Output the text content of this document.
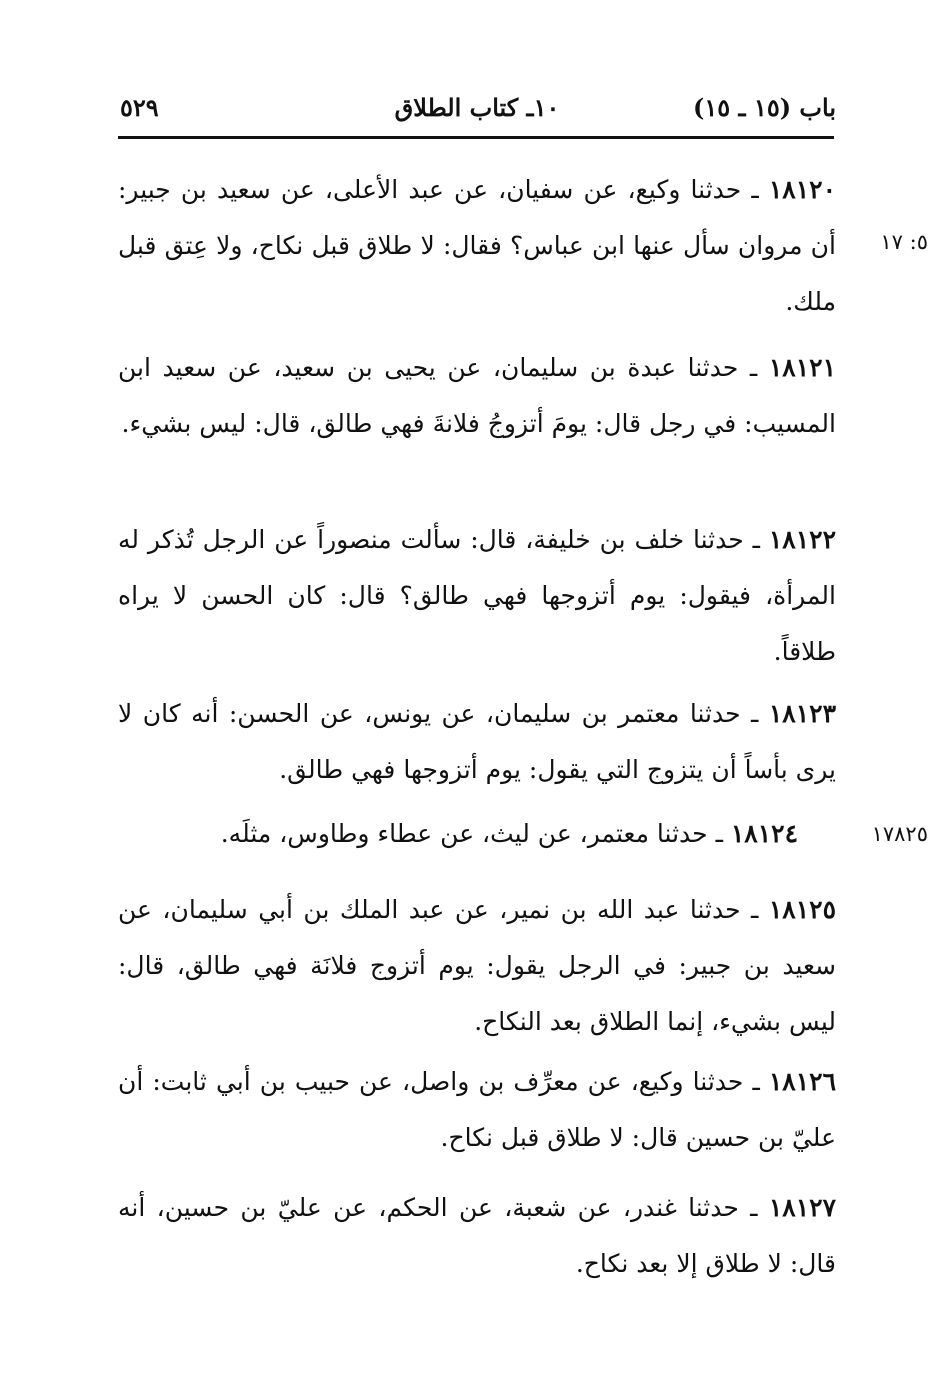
باب (١٥ ـ ١٥)
١٠ـ كتاب الطلاق
٥٢٩
١٨١٢٠ ـ حدثنا وكيع، عن سفيان، عن عبد الأعلى، عن سعيد بن جبير: أن مروان سأل عنها ابن عباس؟ فقال: لا طلاق قبل نكاح، ولا عِتق قبل ملك.
٥: ١٧
١٨١٢١ ـ حدثنا عبدة بن سليمان، عن يحيى بن سعيد، عن سعيد ابن المسيب: في رجل قال: يومَ أتزوجُ فلانةَ فهي طالق، قال: ليس بشيء.
١٨١٢٢ ـ حدثنا خلف بن خليفة، قال: سألت منصوراً عن الرجل تُذكر له المرأة، فيقول: يوم أتزوجها فهي طالق؟ قال: كان الحسن لا يراه طلاقاً.
١٨١٢٣ ـ حدثنا معتمر بن سليمان، عن يونس، عن الحسن: أنه كان لا يرى بأساً أن يتزوج التي يقول: يوم أتزوجها فهي طالق.
١٨١٢٤ ـ حدثنا معتمر، عن ليث، عن عطاء وطاوس، مثلَه.	١٧٨٢٥
١٨١٢٥ ـ حدثنا عبد الله بن نمير، عن عبد الملك بن أبي سليمان، عن سعيد بن جبير: في الرجل يقول: يوم أتزوج فلانَة فهي طالق، قال: ليس بشيء، إنما الطلاق بعد النكاح.
١٨١٢٦ ـ حدثنا وكيع، عن معرِّف بن واصل، عن حبيب بن أبي ثابت: أن عليّ بن حسين قال: لا طلاق قبل نكاح.
١٨١٢٧ ـ حدثنا غندر، عن شعبة، عن الحكم، عن عليّ بن حسين، أنه قال: لا طلاق إلا بعد نكاح.
